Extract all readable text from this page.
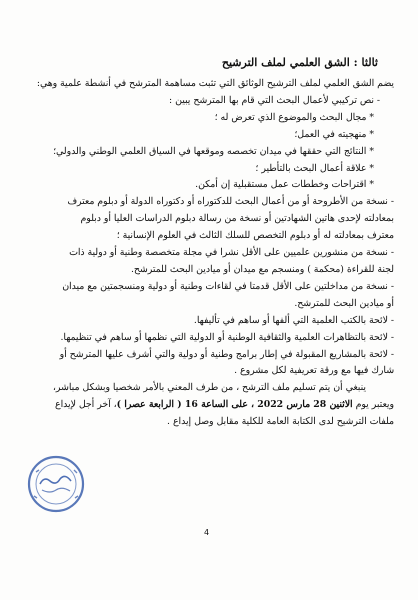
ثالثا : الشق العلمي لملف الترشيح
يضم الشق العلمي لملف الترشيح الوثائق التي تثبت مساهمة المترشح في أنشطة علمية وهي:
- نص تركيبي لأعمال البحث التي قام بها المترشح يبين :
* مجال البحث والموضوع الذي تعرض له ؛
* منهجيته في العمل؛
* النتائج التي حققها في ميدان تخصصه وموقعها في السياق العلمي الوطني والدولي؛
* علاقة أعمال البحث بالتأطير ؛
* اقتراحات وخططات عمل مستقبلية إن أمكن.
- نسخة من الأطروحة أو من أعمال البحث للدكتوراه أو دكتوراه الدولة أو دبلوم معترف
بمعادلته لإحدى هاتين الشهادتين أو نسخة من رسالة دبلوم الدراسات العليا أو دبلوم
معترف بمعادلته له أو دبلوم التخصص للسلك الثالث في العلوم الإنسانية ؛
- نسخة من منشورين علميين على الأقل نشرا في مجلة متخصصة وطنية أو دولية ذات
لجنة للقراءة (محكمة ) ومنسجم مع ميدان أو ميادين البحث للمترشح.
- نسخة من مداخلتين على الأقل قدمتا في لقاءات وطنية أو دولية ومنسجمتين مع ميدان
أو ميادين البحث للمترشح.
- لائحة بالكتب العلمية التي ألفها أو ساهم في تأليفها.
- لائحة بالتظاهرات العلمية والثقافية الوطنية أو الدولية التي نظمها أو ساهم في تنظيمها.
- لائحة بالمشاريع المقبولة في إطار برامج وطنية أو دولية والتي أشرف عليها المترشح أو
شارك فيها مع ورقة تعريفية لكل مشروع .
ينبغي أن يتم تسليم ملف الترشح ، من طرف المعني بالأمر شخصيا وبشكل مباشر،
ويعتبر يوم الاثنين 28 مارس 2022 ، على الساعة 16 ( الرابعة عصرا )، آخر أجل لإيداع
ملفات الترشيح لدى الكتابة العامة للكلية مقابل وصل إيداع .
4
